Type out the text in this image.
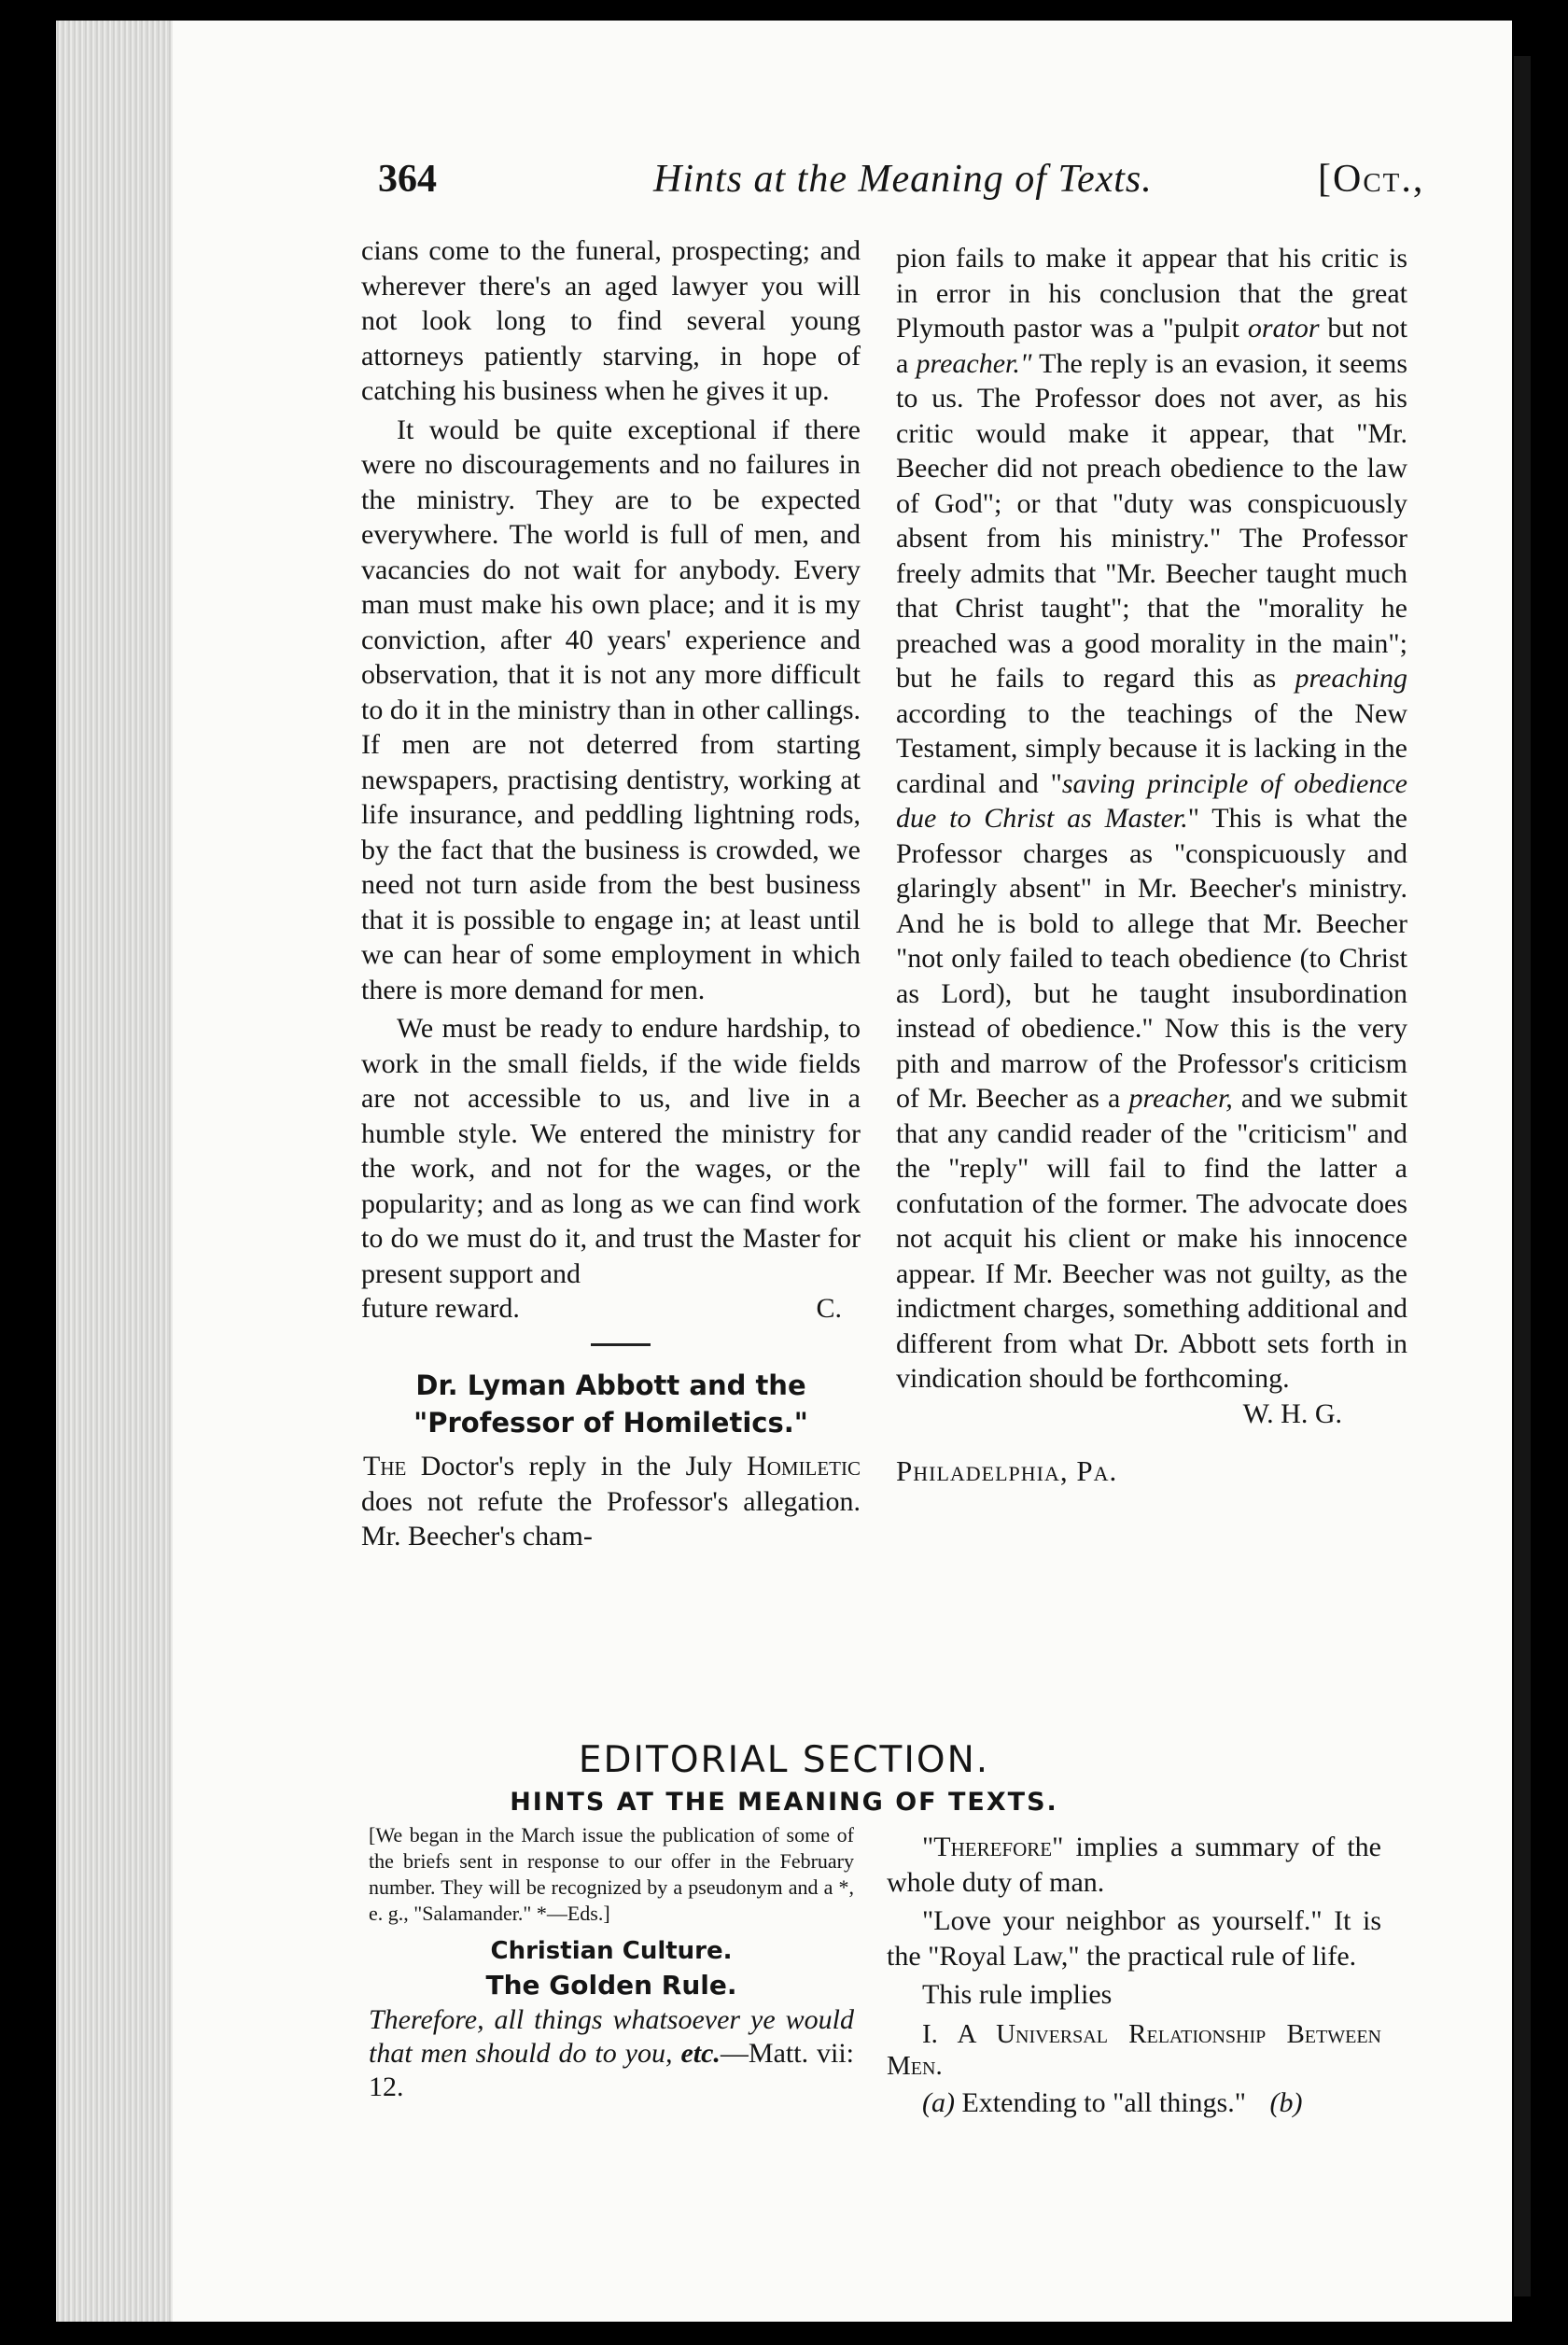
364	Hints at the Meaning of Texts.	[Oct.,

cians come to the funeral, prospecting; and wherever there's an aged lawyer you will not look long to find several young attorneys patiently starving, in hope of catching his business when he gives it up.

It would be quite exceptional if there were no discouragements and no failures in the ministry. They are to be expected everywhere. The world is full of men, and vacancies do not wait for anybody. Every man must make his own place; and it is my conviction, after 40 years' experience and observation, that it is not any more difficult to do it in the ministry than in other callings. If men are not deterred from starting newspapers, practising dentistry, working at life insurance, and peddling lightning rods, by the fact that the business is crowded, we need not turn aside from the best business that it is possible to engage in; at least until we can hear of some employment in which there is more demand for men.

We must be ready to endure hardship, to work in the small fields, if the wide fields are not accessible to us, and live in a humble style. We entered the ministry for the work, and not for the wages, or the popularity; and as long as we can find work to do we must do it, and trust the Master for present support and

future reward.	C.
Dr. Lyman Abbott and the "Professor of Homiletics."

The Doctor's reply in the July Homiletic does not refute the Professor's allegation. Mr. Beecher's cham-

pion fails to make it appear that his critic is in error in his conclusion that the great Plymouth pastor was a "pulpit orator but not a preacher." The reply is an evasion, it seems to us. The Professor does not aver, as his critic would make it appear, that "Mr. Beecher did not preach obedience to the law of God"; or that "duty was conspicuously absent from his ministry." The Professor freely admits that "Mr. Beecher taught much that Christ taught"; that the "morality he preached was a good morality in the main"; but he fails to regard this as preaching according to the teachings of the New Testament, simply because it is lacking in the cardinal and "saving principle of obedience due to Christ as Master." This is what the Professor charges as "conspicuously and glaringly absent" in Mr. Beecher's ministry. And he is bold to allege that Mr. Beecher "not only failed to teach obedience (to Christ as Lord), but he taught insubordination instead of obedience." Now this is the very pith and marrow of the Professor's criticism of Mr. Beecher as a preacher, and we submit that any candid reader of the "criticism" and the "reply" will fail to find the latter a confutation of the former. The advocate does not acquit his client or make his innocence appear. If Mr. Beecher was not guilty, as the indictment charges, something additional and different from what Dr. Abbott sets forth in vindication should be forthcoming.

W. H. G.
Philadelphia, Pa.
EDITORIAL SECTION.
HINTS AT THE MEANING OF TEXTS.

[We began in the March issue the publication of some of the briefs sent in response to our offer in the February number. They will be recognized by a pseudonym and a *, e. g., "Salamander." *—Eds.]

Christian Culture.
The Golden Rule.

Therefore, all things whatsoever ye would that men should do to you, etc.—Matt. vii: 12.

"Therefore" implies a summary of the whole duty of man.

"Love your neighbor as yourself." It is the "Royal Law," the practical rule of life.

This rule implies

I. A Universal Relationship Between Men.

(a) Extending to "all things." (b)
